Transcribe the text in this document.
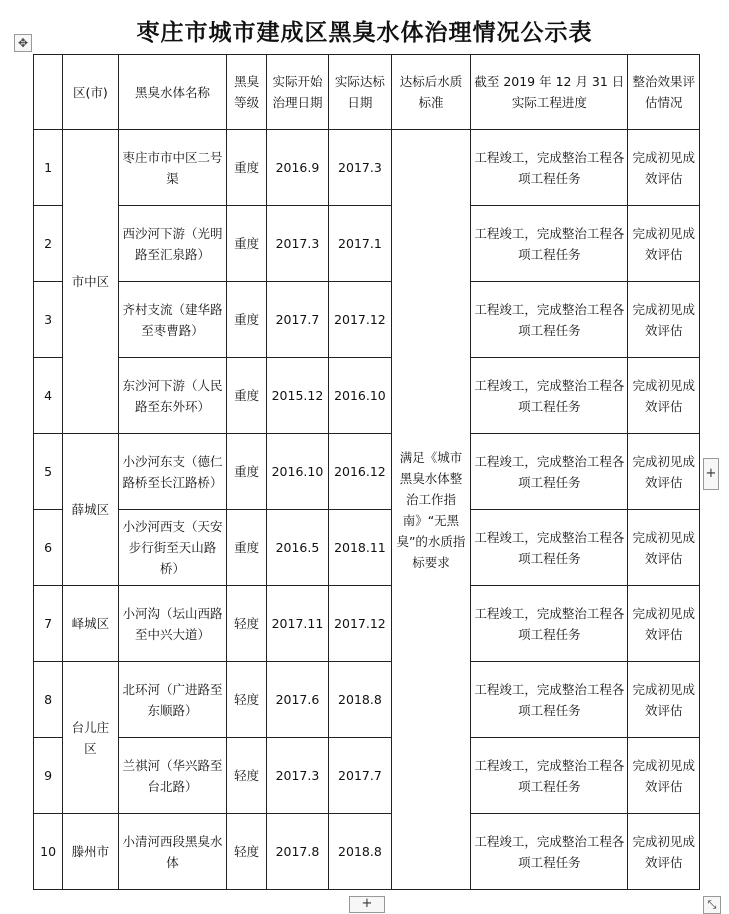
枣庄市城市建成区黑臭水体治理情况公示表
✥
	区(市)	黑臭水体名称	黑臭等级	实际开始治理日期	实际达标日期	达标后水质标准	截至 2019 年 12 月 31 日实际工程进度	整治效果评估情况
1	市中区	枣庄市市中区二号渠	重度	2016.9	2017.3	满足《城市黑臭水体整治工作指南》“无黑臭”的水质指标要求	工程竣工，完成整治工程各项工程任务	完成初见成效评估
2		西沙河下游（光明路至汇泉路）	重度	2017.3	2017.1		工程竣工，完成整治工程各项工程任务	完成初见成效评估
3		齐村支流（建华路至枣曹路）	重度	2017.7	2017.12		工程竣工，完成整治工程各项工程任务	完成初见成效评估
4		东沙河下游（人民路至东外环）	重度	2015.12	2016.10		工程竣工，完成整治工程各项工程任务	完成初见成效评估
5	薛城区	小沙河东支（德仁路桥至长江路桥）	重度	2016.10	2016.12		工程竣工，完成整治工程各项工程任务	完成初见成效评估
6		小沙河西支（天安步行街至天山路桥）	重度	2016.5	2018.11		工程竣工，完成整治工程各项工程任务	完成初见成效评估
7	峄城区	小河沟（坛山西路至中兴大道）	轻度	2017.11	2017.12		工程竣工，完成整治工程各项工程任务	完成初见成效评估
8	台儿庄区	北环河（广进路至东顺路）	轻度	2017.6	2018.8		工程竣工，完成整治工程各项工程任务	完成初见成效评估
9		兰祺河（华兴路至台北路）	轻度	2017.3	2017.7		工程竣工，完成整治工程各项工程任务	完成初见成效评估
10	滕州市	小清河西段黑臭水体	轻度	2017.8	2018.8		工程竣工，完成整治工程各项工程任务	完成初见成效评估
+
+	⤡
